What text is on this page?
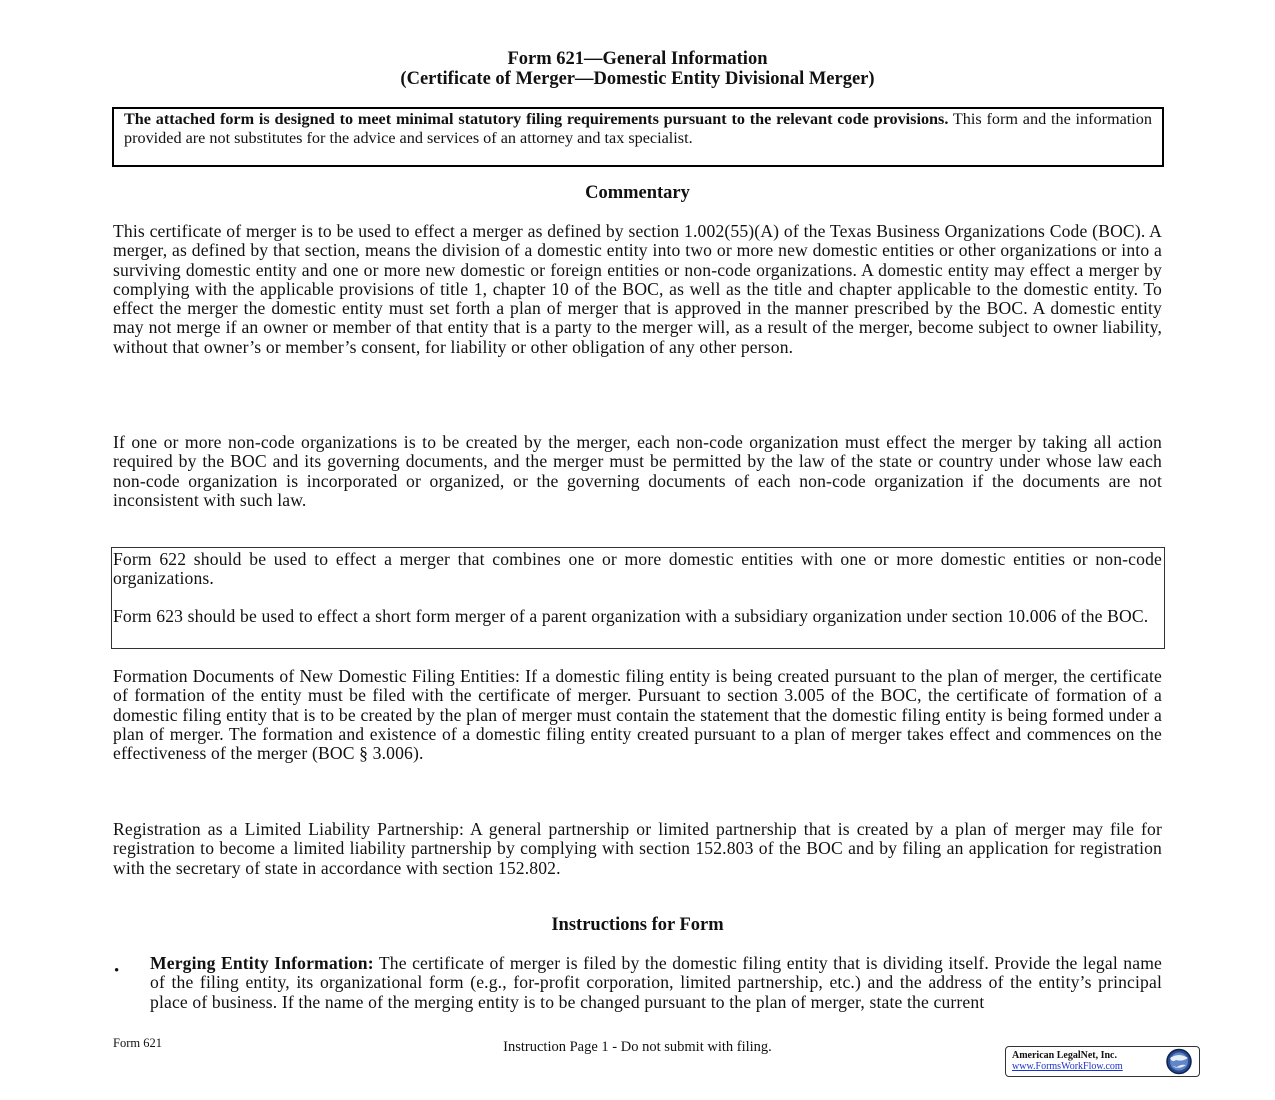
Form 621—General Information
(Certificate of Merger—Domestic Entity Divisional Merger)
The attached form is designed to meet minimal statutory filing requirements pursuant to the relevant code provisions. This form and the information provided are not substitutes for the advice and services of an attorney and tax specialist.
Commentary

This certificate of merger is to be used to effect a merger as defined by section 1.002(55)(A) of the Texas Business Organizations Code (BOC). A merger, as defined by that section, means the division of a domestic entity into two or more new domestic entities or other organizations or into a surviving domestic entity and one or more new domestic or foreign entities or non-code organizations. A domestic entity may effect a merger by complying with the applicable provisions of title 1, chapter 10 of the BOC, as well as the title and chapter applicable to the domestic entity. To effect the merger the domestic entity must set forth a plan of merger that is approved in the manner prescribed by the BOC. A domestic entity may not merge if an owner or member of that entity that is a party to the merger will, as a result of the merger, become subject to owner liability, without that owner’s or member’s consent, for liability or other obligation of any other person.

If one or more non-code organizations is to be created by the merger, each non-code organization must effect the merger by taking all action required by the BOC and its governing documents, and the merger must be permitted by the law of the state or country under whose law each non-code organization is incorporated or organized, or the governing documents of each non-code organization if the documents are not inconsistent with such law.

Form 622 should be used to effect a merger that combines one or more domestic entities with one or more domestic entities or non-code organizations.

Form 623 should be used to effect a short form merger of a parent organization with a subsidiary organization under section 10.006 of the BOC.

Formation Documents of New Domestic Filing Entities: If a domestic filing entity is being created pursuant to the plan of merger, the certificate of formation of the entity must be filed with the certificate of merger. Pursuant to section 3.005 of the BOC, the certificate of formation of a domestic filing entity that is to be created by the plan of merger must contain the statement that the domestic filing entity is being formed under a plan of merger. The formation and existence of a domestic filing entity created pursuant to a plan of merger takes effect and commences on the effectiveness of the merger (BOC § 3.006).

Registration as a Limited Liability Partnership: A general partnership or limited partnership that is created by a plan of merger may file for registration to become a limited liability partnership by complying with section 152.803 of the BOC and by filing an application for registration with the secretary of state in accordance with section 152.802.

Instructions for Form
• Merging Entity Information: The certificate of merger is filed by the domestic filing entity that is dividing itself. Provide the legal name of the filing entity, its organizational form (e.g., for-profit corporation, limited partnership, etc.) and the address of the entity’s principal place of business. If the name of the merging entity is to be changed pursuant to the plan of merger, state the current

Form 621	Instruction Page 1 - Do not submit with filing.
American LegalNet, Inc.
www.FormsWorkFlow.com
